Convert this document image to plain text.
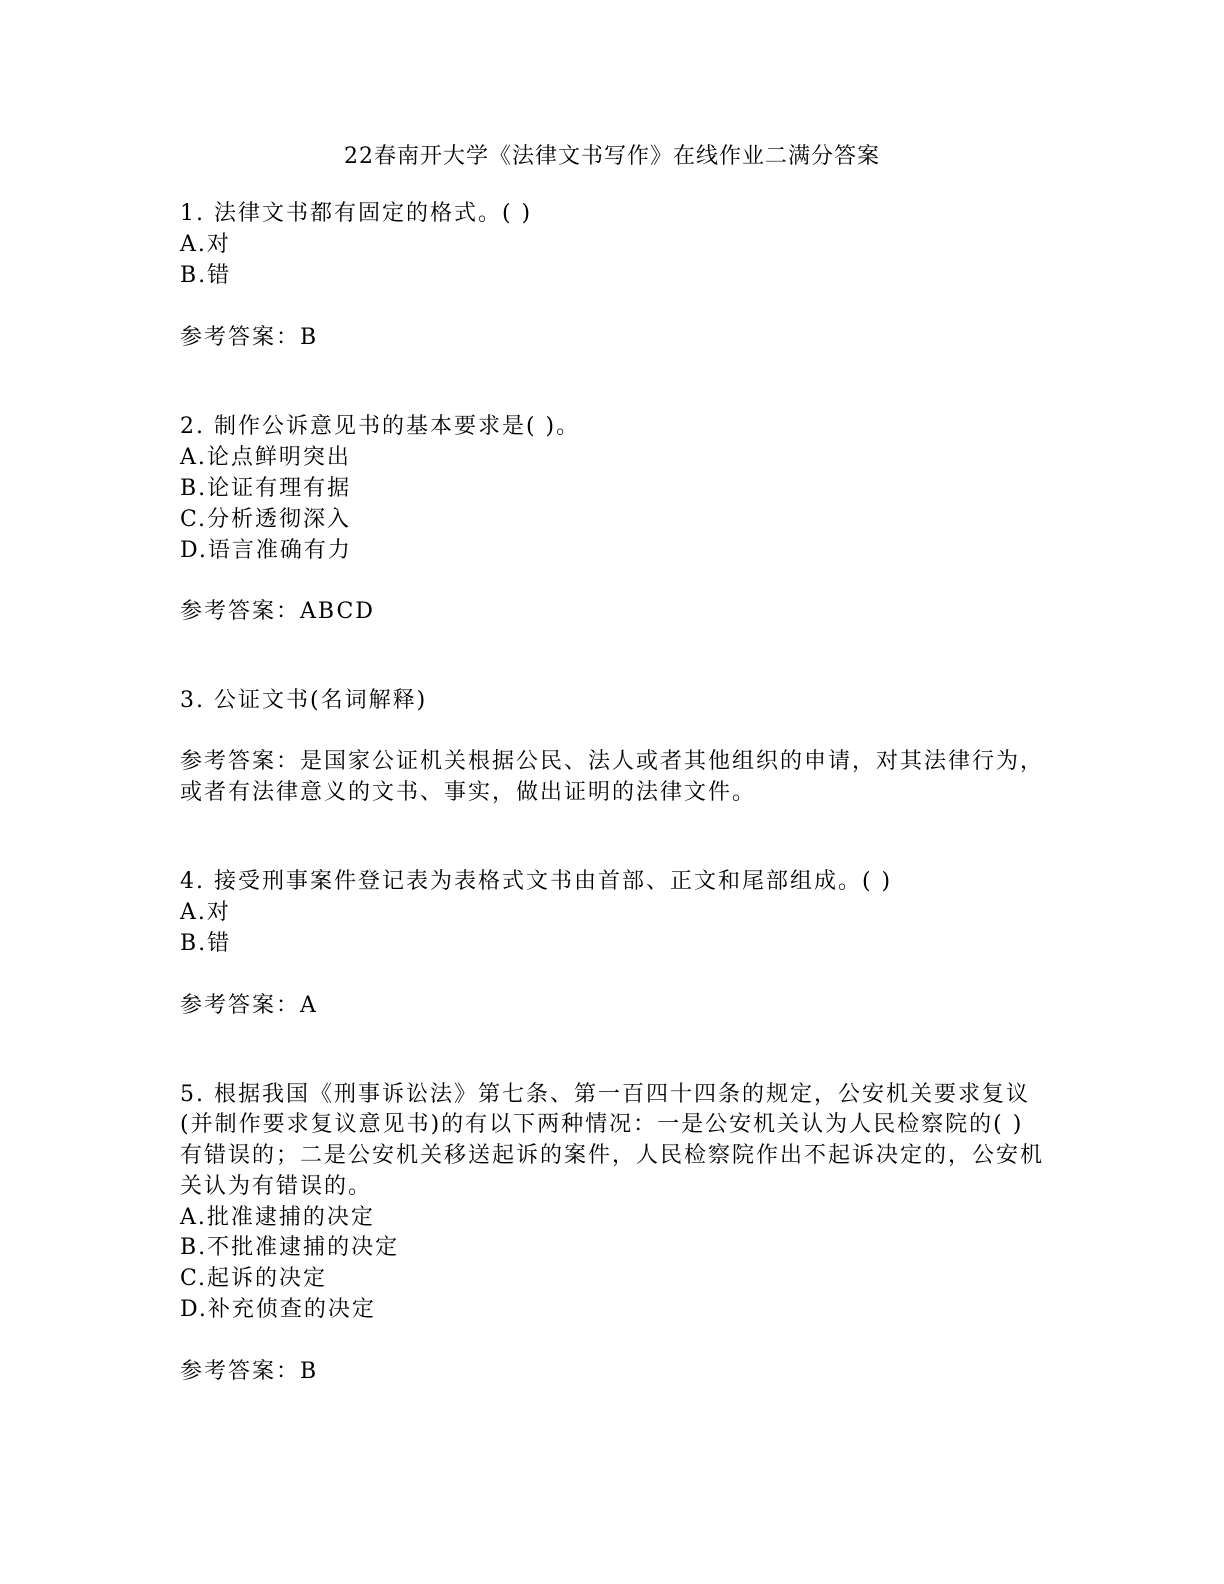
22春南开大学《法律文书写作》在线作业二满分答案
1. 法律文书都有固定的格式。( )
A.对
B.错
参考答案：B
2. 制作公诉意见书的基本要求是( )。
A.论点鲜明突出
B.论证有理有据
C.分析透彻深入
D.语言准确有力
参考答案：ABCD
3. 公证文书(名词解释)
参考答案：是国家公证机关根据公民、法人或者其他组织的申请，对其法律行为，
或者有法律意义的文书、事实，做出证明的法律文件。
4. 接受刑事案件登记表为表格式文书由首部、正文和尾部组成。( )
A.对
B.错
参考答案：A
5. 根据我国《刑事诉讼法》第七条、第一百四十四条的规定，公安机关要求复议
(并制作要求复议意见书)的有以下两种情况：一是公安机关认为人民检察院的( )
有错误的；二是公安机关移送起诉的案件，人民检察院作出不起诉决定的，公安机
关认为有错误的。
A.批准逮捕的决定
B.不批准逮捕的决定
C.起诉的决定
D.补充侦查的决定
参考答案：B
